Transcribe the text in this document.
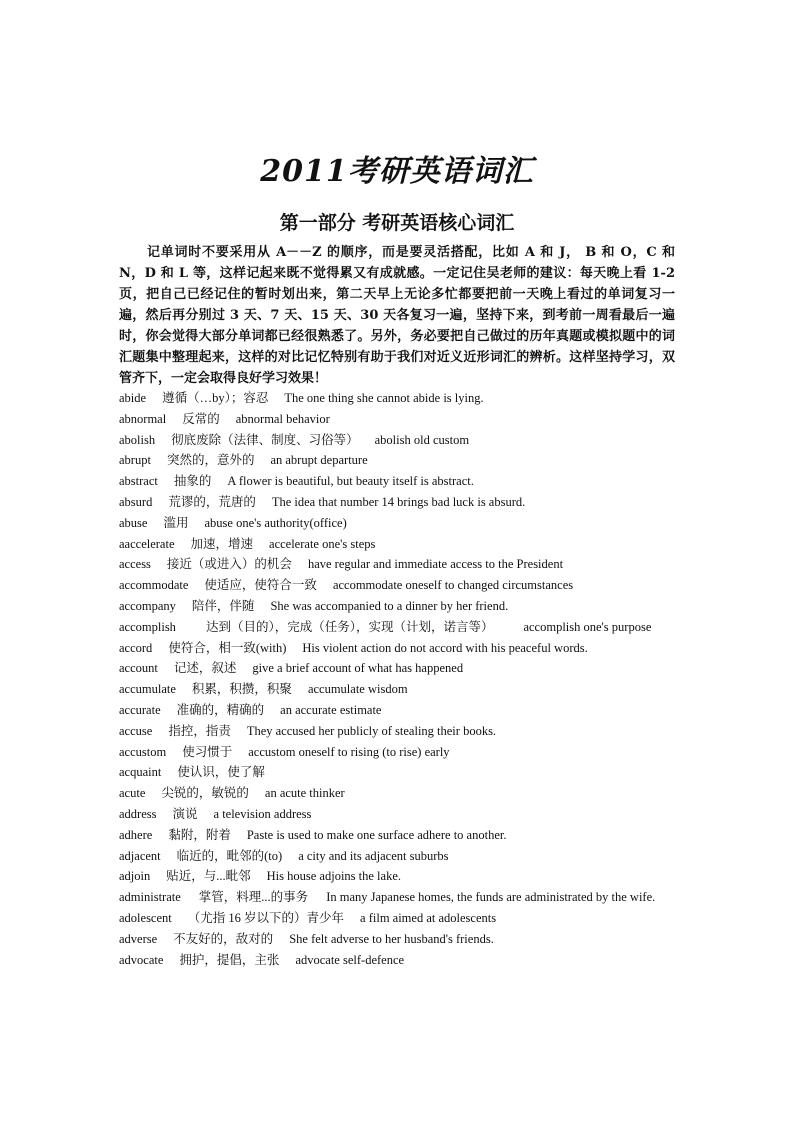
2011考研英语词汇
第一部分 考研英语核心词汇
记单词时不要采用从 A－－Z 的顺序，而是要灵活搭配，比如 A 和 J， B 和 O，C 和 N，D 和 L 等，这样记起来既不觉得累又有成就感。一定记住吴老师的建议：每天晚上看 1-2 页，把自己已经记住的暂时划出来，第二天早上无论多忙都要把前一天晚上看过的单词复习一遍，然后再分别过 3 天、7 天、15 天、30 天各复习一遍，坚持下来，到考前一周看最后一遍时，你会觉得大部分单词都已经很熟悉了。另外，务必要把自己做过的历年真题或模拟题中的词汇题集中整理起来，这样的对比记忆特别有助于我们对近义近形词汇的辨析。这样坚持学习，双管齐下，一定会取得良好学习效果！
abide 遵循（…by）；容忍 The one thing she cannot abide is lying.
abnormal 反常的 abnormal behavior
abolish 彻底废除（法律、制度、习俗等） abolish old custom
abrupt 突然的，意外的 an abrupt departure
abstract 抽象的 A flower is beautiful, but beauty itself is abstract.
absurd 荒谬的，荒唐的 The idea that number 14 brings bad luck is absurd.
abuse 滥用 abuse one's authority(office)
aaccelerate 加速，增速 accelerate one's steps
access 接近（或进入）的机会 have regular and immediate access to the President
accommodate 使适应，使符合一致 accommodate oneself to changed circumstances
accompany 陪伴，伴随 She was accompanied to a dinner by her friend.
accomplish 达到（目的），完成（任务），实现（计划，诺言等） accomplish one's purpose
accord 使符合，相一致(with) His violent action do not accord with his peaceful words.
account 记述，叙述 give a brief account of what has happened
accumulate 积累，积攒，积聚 accumulate wisdom
accurate 准确的，精确的 an accurate estimate
accuse 指控，指责 They accused her publicly of stealing their books.
accustom 使习惯于 accustom oneself to rising (to rise) early
acquaint 使认识，使了解
acute 尖锐的，敏锐的 an acute thinker
address 演说 a television address
adhere 黏附，附着 Paste is used to make one surface adhere to another.
adjacent 临近的，毗邻的(to) a city and its adjacent suburbs
adjoin 贴近，与...毗邻 His house adjoins the lake.
administrate 掌管，料理...的事务 In many Japanese homes, the funds are administrated by the wife.
adolescent （尤指 16 岁以下的）青少年 a film aimed at adolescents
adverse 不友好的，敌对的 She felt adverse to her husband's friends.
advocate 拥护，提倡，主张 advocate self-defence
